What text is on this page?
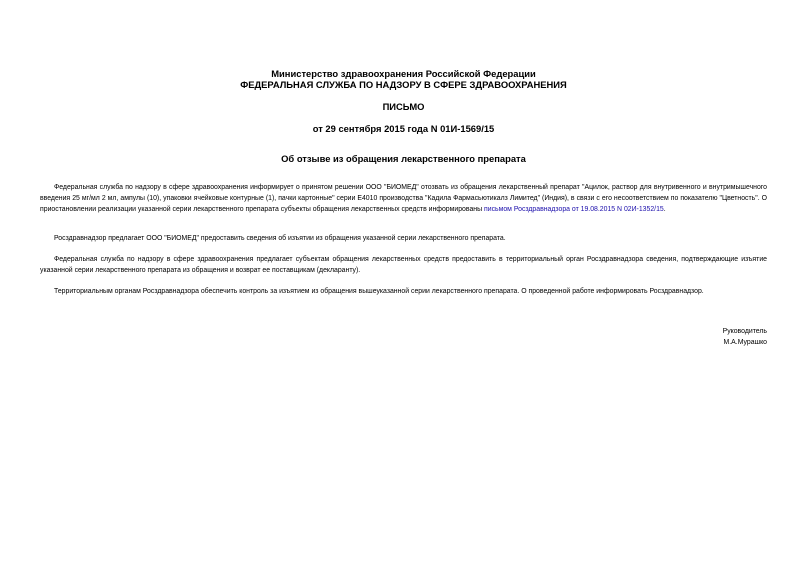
Министерство здравоохранения Российской Федерации
ФЕДЕРАЛЬНАЯ СЛУЖБА ПО НАДЗОРУ В СФЕРЕ ЗДРАВООХРАНЕНИЯ
ПИСЬМО
от 29 сентября 2015 года N 01И-1569/15
Об отзыве из обращения лекарственного препарата
Федеральная служба по надзору в сфере здравоохранения информирует о принятом решении ООО "БИОМЕД" отозвать из обращения лекарственный препарат "Ацилок, раствор для внутривенного и внутримышечного введения 25 мг/мл 2 мл, ампулы (10), упаковки ячейковые контурные (1), пачки картонные" серии E4010 производства "Кадила Фармасьютикалз Лимитед" (Индия), в связи с его несоответствием по показателю "Цветность". О приостановлении реализации указанной серии лекарственного препарата субъекты обращения лекарственных средств информированы письмом Росздравнадзора от 19.08.2015 N 02И-1352/15.
Росздравнадзор предлагает ООО "БИОМЕД" предоставить сведения об изъятии из обращения указанной серии лекарственного препарата.
Федеральная служба по надзору в сфере здравоохранения предлагает субъектам обращения лекарственных средств предоставить в территориальный орган Росздравнадзора сведения, подтверждающие изъятие указанной серии лекарственного препарата из обращения и возврат ее поставщикам (декларанту).
Территориальным органам Росздравнадзора обеспечить контроль за изъятием из обращения вышеуказанной серии лекарственного препарата. О проведенной работе информировать Росздравнадзор.
Руководитель
М.А.Мурашко
